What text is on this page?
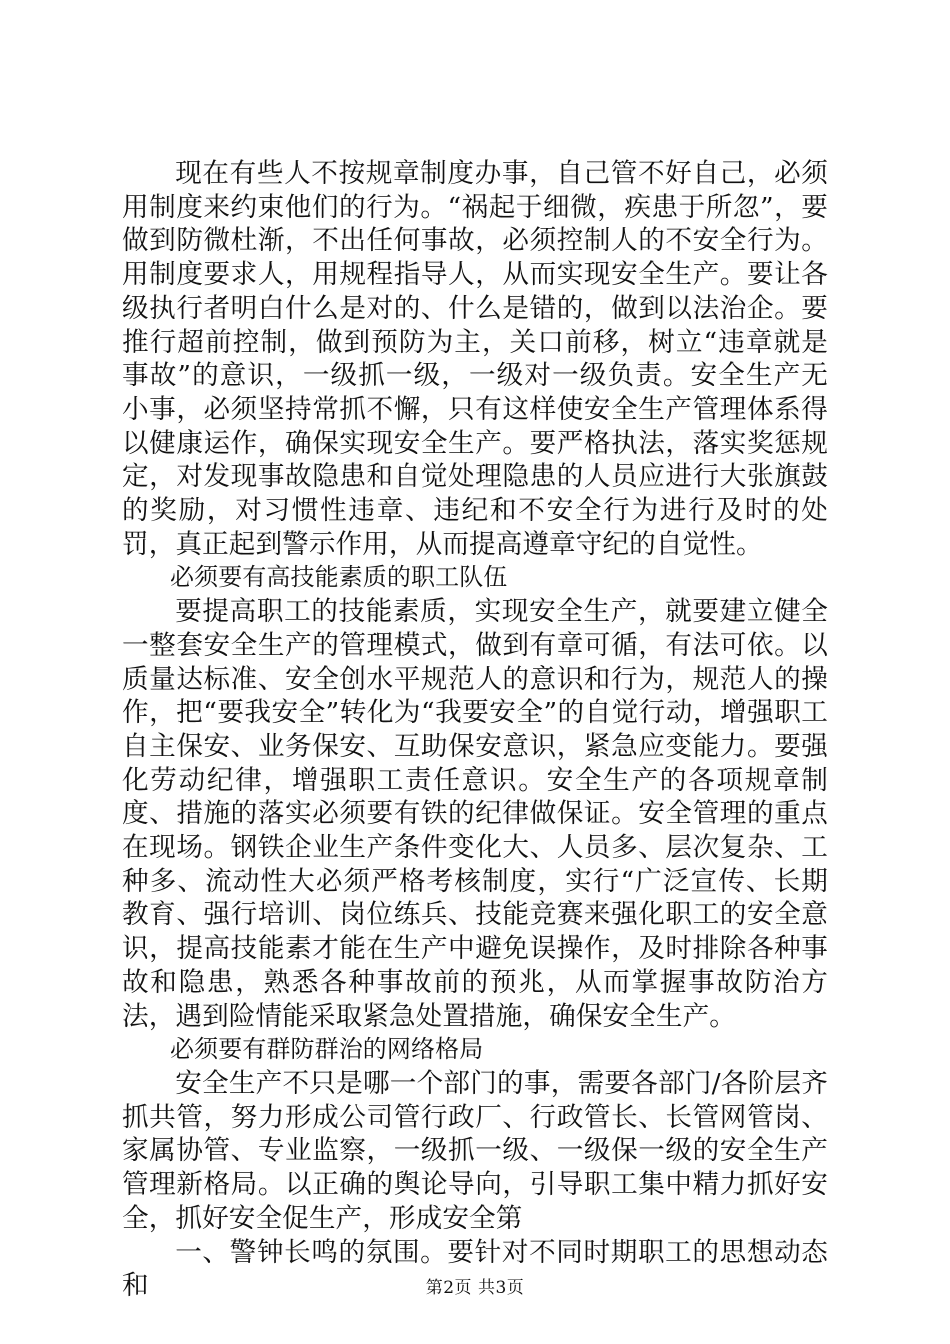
现在有些人不按规章制度办事，自己管不好自己，必须用制度来约束他们的行为。“祸起于细微，疾患于所忽”，要做到防微杜渐，不出任何事故，必须控制人的不安全行为。用制度要求人，用规程指导人，从而实现安全生产。要让各级执行者明白什么是对的、什么是错的，做到以法治企。要推行超前控制，做到预防为主，关口前移，树立“违章就是事故”的意识，一级抓一级，一级对一级负责。安全生产无小事，必须坚持常抓不懈，只有这样使安全生产管理体系得以健康运作，确保实现安全生产。要严格执法，落实奖惩规定，对发现事故隐患和自觉处理隐患的人员应进行大张旗鼓的奖励，对习惯性违章、违纪和不安全行为进行及时的处罚，真正起到警示作用，从而提高遵章守纪的自觉性。

必须要有高技能素质的职工队伍

要提高职工的技能素质，实现安全生产，就要建立健全一整套安全生产的管理模式，做到有章可循，有法可依。以质量达标准、安全创水平规范人的意识和行为，规范人的操作，把“要我安全”转化为“我要安全”的自觉行动，增强职工自主保安、业务保安、互助保安意识，紧急应变能力。要强化劳动纪律，增强职工责任意识。安全生产的各项规章制度、措施的落实必须要有铁的纪律做保证。安全管理的重点在现场。钢铁企业生产条件变化大、人员多、层次复杂、工种多、流动性大必须严格考核制度，实行“广泛宣传、长期教育、强行培训、岗位练兵、技能竞赛来强化职工的安全意识，提高技能素才能在生产中避免误操作，及时排除各种事故和隐患，熟悉各种事故前的预兆，从而掌握事故防治方法，遇到险情能采取紧急处置措施，确保安全生产。

必须要有群防群治的网络格局

安全生产不只是哪一个部门的事，需要各部门/各阶层齐抓共管，努力形成公司管行政厂、行政管长、长管网管岗、家属协管、专业监察，一级抓一级、一级保一级的安全生产管理新格局。以正确的舆论导向，引导职工集中精力抓好安全，抓好安全促生产，形成安全第

一、警钟长鸣的氛围。要针对不同时期职工的思想动态和	第2页 共3页
